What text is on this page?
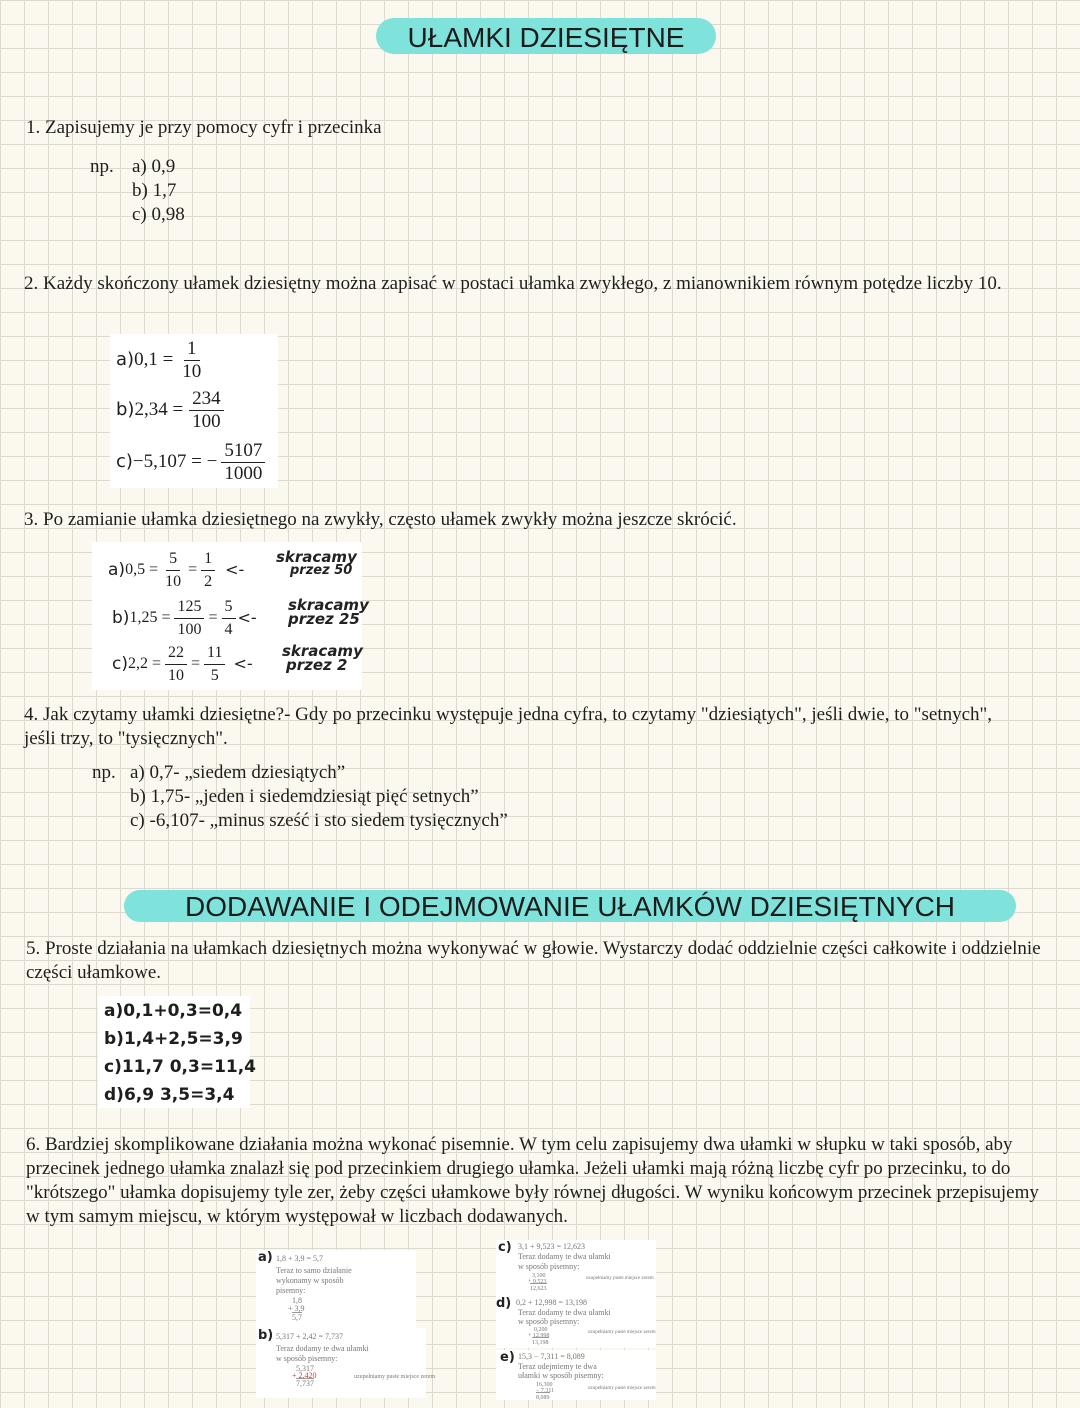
UŁAMKI DZIESIĘTNE
1. Zapisujemy je przy pomocy cyfr i przecinka
np. a) 0,9
b) 1,7
c) 0,98
2. Każdy skończony ułamek dziesiętny można zapisać w postaci ułamka zwykłego, z mianownikiem równym potędze liczby 10.
a) $0,1 = \frac{1}{10}$
b) $2,34 = \frac{234}{100}$
c) −5,107 = − $\frac{5107}{1000}$
3. Po zamianie ułamka dziesiętnego na zwykły, często ułamek zwykły można jeszcze skrócić.
a) $0,5 = \frac{5}{10} = \frac{1}{2}$ <-
skracamy
przez 50
b) $1,25 = \frac{125}{100} = \frac{5}{4}$ <-
skracamy
przez 25
c) $2,2 = \frac{22}{10} = \frac{11}{5}$ <-
skracamy
przez 2
4. Jak czytamy ułamki dziesiętne?- Gdy po przecinku występuje jedna cyfra, to czytamy "dziesiątych", jeśli dwie, to "setnych", jeśli trzy, to "tysięcznych".
np. a) 0,7- „siedem dziesiątych”
b) 1,75- „jeden i siedemdziesiąt pięć setnych”
c) -6,107- „minus sześć i sto siedem tysięcznych”
DODAWANIE I ODEJMOWANIE UŁAMKÓW DZIESIĘTNYCH
5. Proste działania na ułamkach dziesiętnych można wykonywać w głowie. Wystarczy dodać oddzielnie części całkowite i oddzielnie części ułamkowe.
a)0,1+0,3=0,4
b)1,4+2,5=3,9
c)11,7 0,3=11,4
d)6,9 3,5=3,4
6. Bardziej skomplikowane działania można wykonać pisemnie. W tym celu zapisujemy dwa ułamki w słupku w taki sposób, aby przecinek jednego ułamka znalazł się pod przecinkiem drugiego ułamka. Jeżeli ułamki mają różną liczbę cyfr po przecinku, to do "krótszego" ułamka dopisujemy tyle zer, żeby części ułamkowe były równej długości. W wyniku końcowym przecinek przepisujemy w tym samym miejscu, w którym występował w liczbach dodawanych.
a) 1,8 + 3,9 = 5,7
Teraz to samo działanie
wykonamy w sposób
pisemny:
1,8
+ 3,9
5,7
b) 5,317 + 2,42 = 7,737
Teraz dodamy te dwa ułamki
w sposób pisemny:
5,317
+ 2,420
7,737
uzupełniamy puste miejsce zerem
c) 3,1 + 9,523 = 12,623
Teraz dodamy te dwa ułamki
w sposób pisemny:
3,100
+ 9,523
12,623
uzupełniamy puste miejsce zerem
d) 0,2 + 12,998 = 13,198
Teraz dodamy te dwa ułamki
w sposób pisemny:
0,200
+ 12,998
13,198
uzupełniamy puste miejsce zerem
e) 15,3 − 7,311 = 8,089
Teraz odejmiemy te dwa
ułamki w sposób pisemny:
16,300
− 7,311
8,089
uzupełniamy puste miejsce zerem
